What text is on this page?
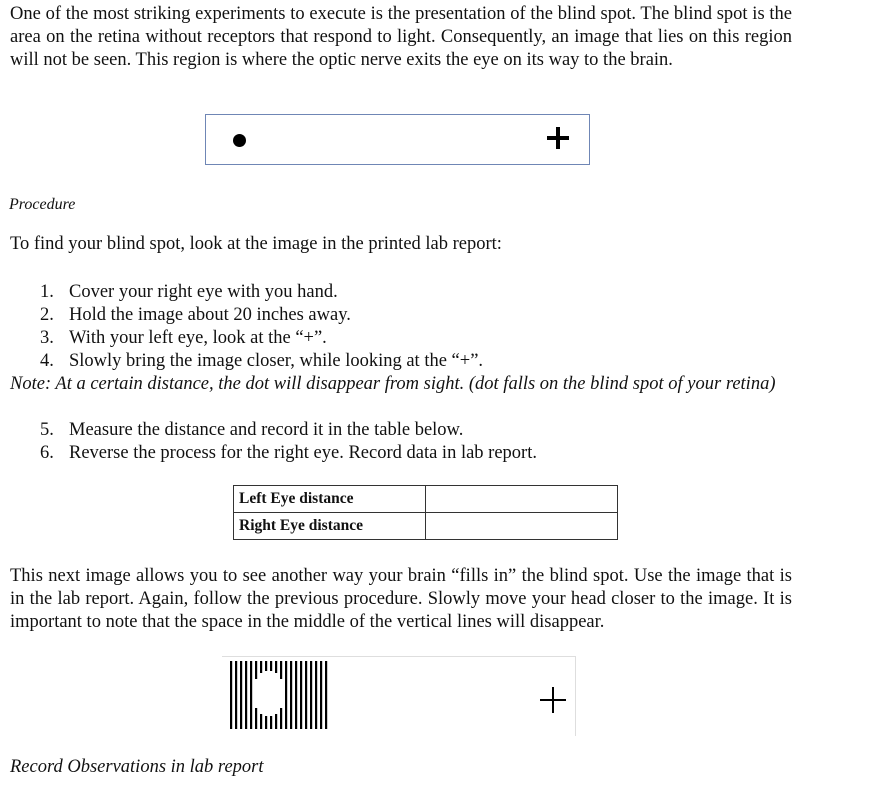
One of the most striking experiments to execute is the presentation of the blind spot. The blind spot is the area on the retina without receptors that respond to light. Consequently, an image that lies on this region will not be seen. This region is where the optic nerve exits the eye on its way to the brain.

Procedure
To find your blind spot, look at the image in the printed lab report:
1. Cover your right eye with you hand.
2. Hold the image about 20 inches away.
3. With your left eye, look at the “+”.
4. Slowly bring the image closer, while looking at the “+”.

Note: At a certain distance, the dot will disappear from sight. (dot falls on the blind spot of your retina)

5. Measure the distance and record it in the table below.
6. Reverse the process for the right eye. Record data in lab report.
Left Eye distance	
Right Eye distance	

This next image allows you to see another way your brain “fills in” the blind spot. Use the image that is in the lab report. Again, follow the previous procedure. Slowly move your head closer to the image. It is important to note that the space in the middle of the vertical lines will disappear.

Record Observations in lab report
